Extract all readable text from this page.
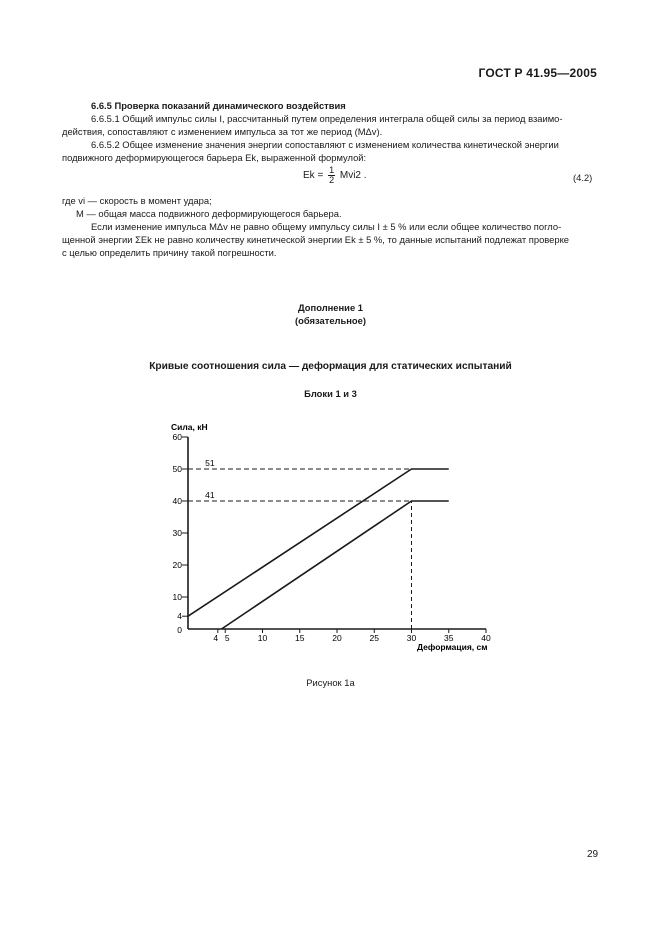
ГОСТ Р 41.95—2005
6.6.5 Проверка показаний динамического воздействия
6.6.5.1 Общий импульс силы I, рассчитанный путем определения интеграла общей силы за период взаимо-
действия, сопоставляют с изменением импульса за тот же период (MΔv).
6.6.5.2 Общее изменение значения энергии сопоставляют с изменением количества кинетической энергии
подвижного деформирующегося барьера Ek, выраженной формулой:
$Ek = \frac{1}{2} Mvi2$ .	(4.2)
где vi — скорость в момент удара;
M — общая масса подвижного деформирующегося барьера.
Если изменение импульса MΔv не равно общему импульсу силы I ± 5 % или если общее количество погло-
щенной энергии ΣEk не равно количеству кинетической энергии Ek ± 5 %, то данные испытаний подлежат проверке
с целью определить причину такой погрешности.
Дополнение 1
(обязательное)
Кривые соотношения сила — деформация для статических испытаний
Блоки 1 и 3
Сила, кН
Деформация, см
0
4
10
20
30
40
50
60
4 5	10	15	20	25	30	35	40
51
41
Рисунок 1а
29
